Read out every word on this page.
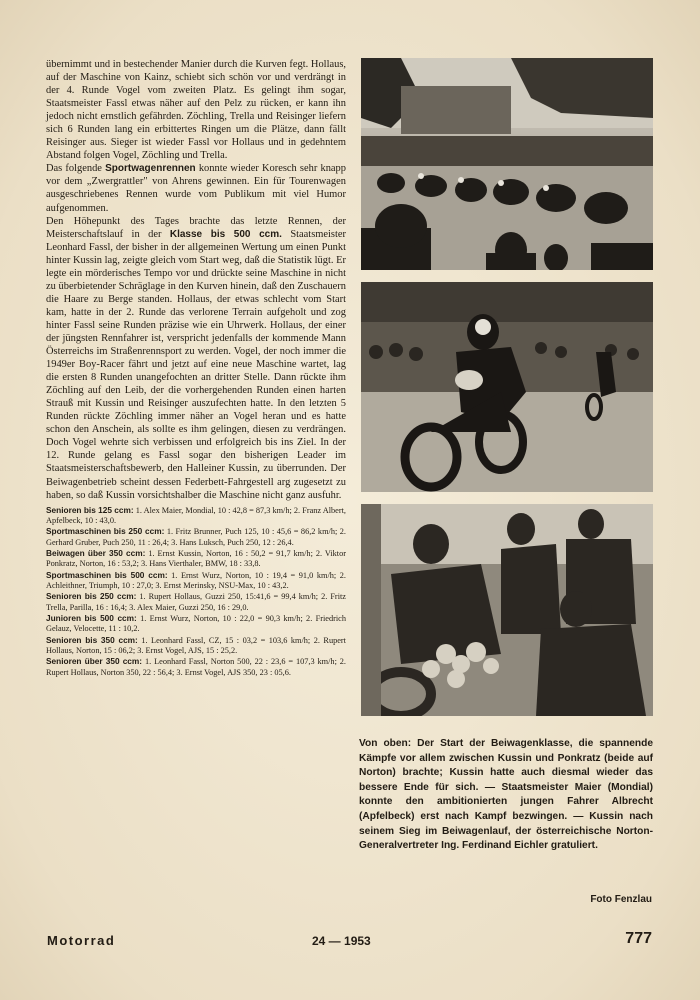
übernimmt und in bestechender Manier durch die Kurven fegt. Hollaus, auf der Maschine von Kainz, schiebt sich schön vor und verdrängt in der 4. Runde Vogel vom zweiten Platz. Es gelingt ihm sogar, Staatsmeister Fassl etwas näher auf den Pelz zu rücken, er kann ihn jedoch nicht ernstlich gefährden. Zöchling, Trella und Reisinger liefern sich 6 Runden lang ein erbittertes Ringen um die Plätze, dann fällt Reisinger aus. Sieger ist wieder Fassl vor Hollaus und in gedehntem Abstand folgen Vogel, Zöchling und Trella.

Das folgende Sportwagenrennen konnte wieder Koresch sehr knapp vor dem „Zwergrattler" von Ahrens gewinnen. Ein für Tourenwagen ausgeschriebenes Rennen wurde vom Publikum mit viel Humor aufgenommen.

Den Höhepunkt des Tages brachte das letzte Rennen, der Meisterschaftslauf in der Klasse bis 500 ccm. Staatsmeister Leonhard Fassl, der bisher in der allgemeinen Wertung um einen Punkt hinter Kussin lag, zeigte gleich vom Start weg, daß die Statistik lügt. Er legte ein mörderisches Tempo vor und drückte seine Maschine in nicht zu überbietender Schräglage in den Kurven hinein, daß den Zuschauern die Haare zu Berge standen. Hollaus, der etwas schlecht vom Start kam, hatte in der 2. Runde das verlorene Terrain aufgeholt und zog hinter Fassl seine Runden präzise wie ein Uhrwerk. Hollaus, der einer der jüngsten Rennfahrer ist, verspricht jedenfalls der kommende Mann Österreichs im Straßenrennsport zu werden. Vogel, der noch immer die 1949er Boy-Racer fährt und jetzt auf eine neue Maschine wartet, lag die ersten 8 Runden unangefochten an dritter Stelle. Dann rückte ihm Zöchling auf den Leib, der die vorhergehenden Runden einen harten Strauß mit Kussin und Reisinger auszufechten hatte. In den letzten 5 Runden rückte Zöchling immer näher an Vogel heran und es hatte schon den Anschein, als sollte es ihm gelingen, diesen zu verdrängen. Doch Vogel wehrte sich verbissen und erfolgreich bis ins Ziel. In der 12. Runde gelang es Fassl sogar den bisherigen Leader im Staatsmeisterschaftsbewerb, den Halleiner Kussin, zu überrunden. Der Beiwagenbetrieb scheint dessen Federbett-Fahrgestell arg zugesetzt zu haben, so daß Kussin vorsichtshalber die Maschine nicht ganz ausfuhr.

Senioren bis 125 ccm: 1. Alex Maier, Mondial, 10 : 42,8 = 87,3 km/h; 2. Franz Albert, Apfelbeck, 10 : 43,0.

Sportmaschinen bis 250 ccm: 1. Fritz Brunner, Puch 125, 10 : 45,6 = 86,2 km/h; 2. Gerhard Gruber, Puch 250, 11 : 26,4; 3. Hans Luksch, Puch 250, 12 : 26,4.

Beiwagen über 350 ccm: 1. Ernst Kussin, Norton, 16 : 50,2 = 91,7 km/h; 2. Viktor Ponkratz, Norton, 16 : 53,2; 3. Hans Vierthaler, BMW, 18 : 33,8.

Sportmaschinen bis 500 ccm: 1. Ernst Wurz, Norton, 10 : 19,4 = 91,0 km/h; 2. Achleithner, Triumph, 10 : 27,0; 3. Ernst Merinsky, NSU-Max, 10 : 43,2.

Senioren bis 250 ccm: 1. Rupert Hollaus, Guzzi 250, 15:41,6 = 99,4 km/h; 2. Fritz Trella, Parilla, 16 : 16,4; 3. Alex Maier, Guzzi 250, 16 : 29,0.

Junioren bis 500 ccm: 1. Ernst Wurz, Norton, 10 : 22,0 = 90,3 km/h; 2. Friedrich Gelauz, Velocette, 11 : 10,2.

Senioren bis 350 ccm: 1. Leonhard Fassl, CZ, 15 : 03,2 = 103,6 km/h; 2. Rupert Hollaus, Norton, 15 : 06,2; 3. Ernst Vogel, AJS, 15 : 25,2.

Senioren über 350 ccm: 1. Leonhard Fassl, Norton 500, 22 : 23,6 = 107,3 km/h; 2. Rupert Hollaus, Norton 350, 22 : 56,4; 3. Ernst Vogel, AJS 350, 23 : 05,6.

Von oben: Der Start der Beiwagenklasse, die spannende Kämpfe vor allem zwischen Kussin und Ponkratz (beide auf Norton) brachte; Kussin hatte auch diesmal wieder das bessere Ende für sich. — Staatsmeister Maier (Mondial) konnte den ambitionierten jungen Fahrer Albrecht (Apfelbeck) erst nach Kampf bezwingen. — Kussin nach seinem Sieg im Beiwagenlauf, der österreichische Norton-Generalvertreter Ing. Ferdinand Eichler gratuliert.

Foto Fenzlau
Motorrad	24 — 1953	777
